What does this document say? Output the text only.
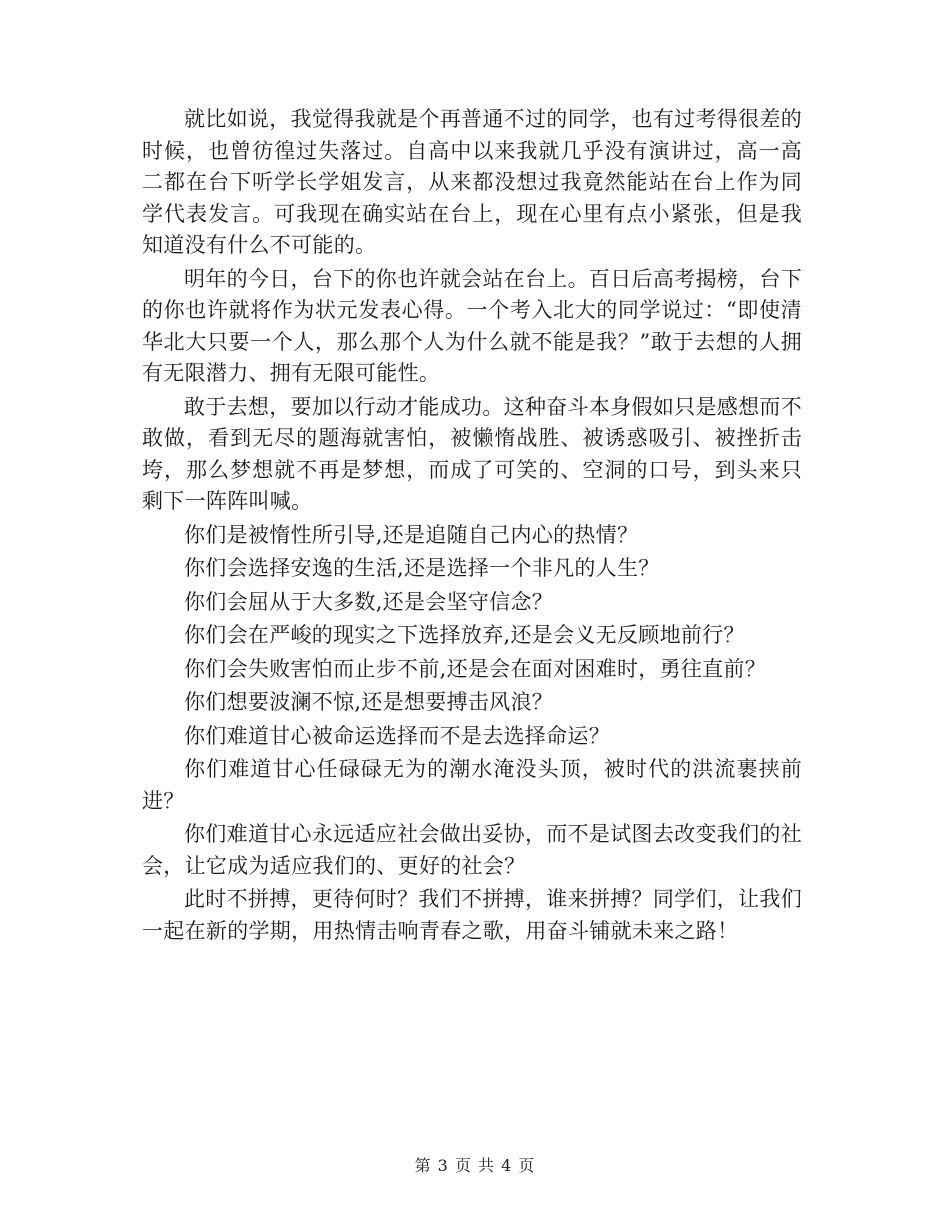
就比如说，我觉得我就是个再普通不过的同学，也有过考得很差的时候，也曾彷徨过失落过。自高中以来我就几乎没有演讲过，高一高二都在台下听学长学姐发言，从来都没想过我竟然能站在台上作为同学代表发言。可我现在确实站在台上，现在心里有点小紧张，但是我知道没有什么不可能的。

明年的今日，台下的你也许就会站在台上。百日后高考揭榜，台下的你也许就将作为状元发表心得。一个考入北大的同学说过：“即使清华北大只要一个人，那么那个人为什么就不能是我？”敢于去想的人拥有无限潜力、拥有无限可能性。

敢于去想，要加以行动才能成功。这种奋斗本身假如只是感想而不敢做，看到无尽的题海就害怕，被懒惰战胜、被诱惑吸引、被挫折击垮，那么梦想就不再是梦想，而成了可笑的、空洞的口号，到头来只剩下一阵阵叫喊。

你们是被惰性所引导,还是追随自己内心的热情？

你们会选择安逸的生活,还是选择一个非凡的人生？

你们会屈从于大多数,还是会坚守信念？

你们会在严峻的现实之下选择放弃,还是会义无反顾地前行？

你们会失败害怕而止步不前,还是会在面对困难时，勇往直前？

你们想要波澜不惊,还是想要搏击风浪？

你们难道甘心被命运选择而不是去选择命运？

你们难道甘心任碌碌无为的潮水淹没头顶，被时代的洪流裹挟前进？

你们难道甘心永远适应社会做出妥协，而不是试图去改变我们的社会，让它成为适应我们的、更好的社会？

此时不拼搏，更待何时？我们不拼搏，谁来拼搏？同学们，让我们一起在新的学期，用热情击响青春之歌，用奋斗铺就未来之路！

第 3 页 共 4 页
